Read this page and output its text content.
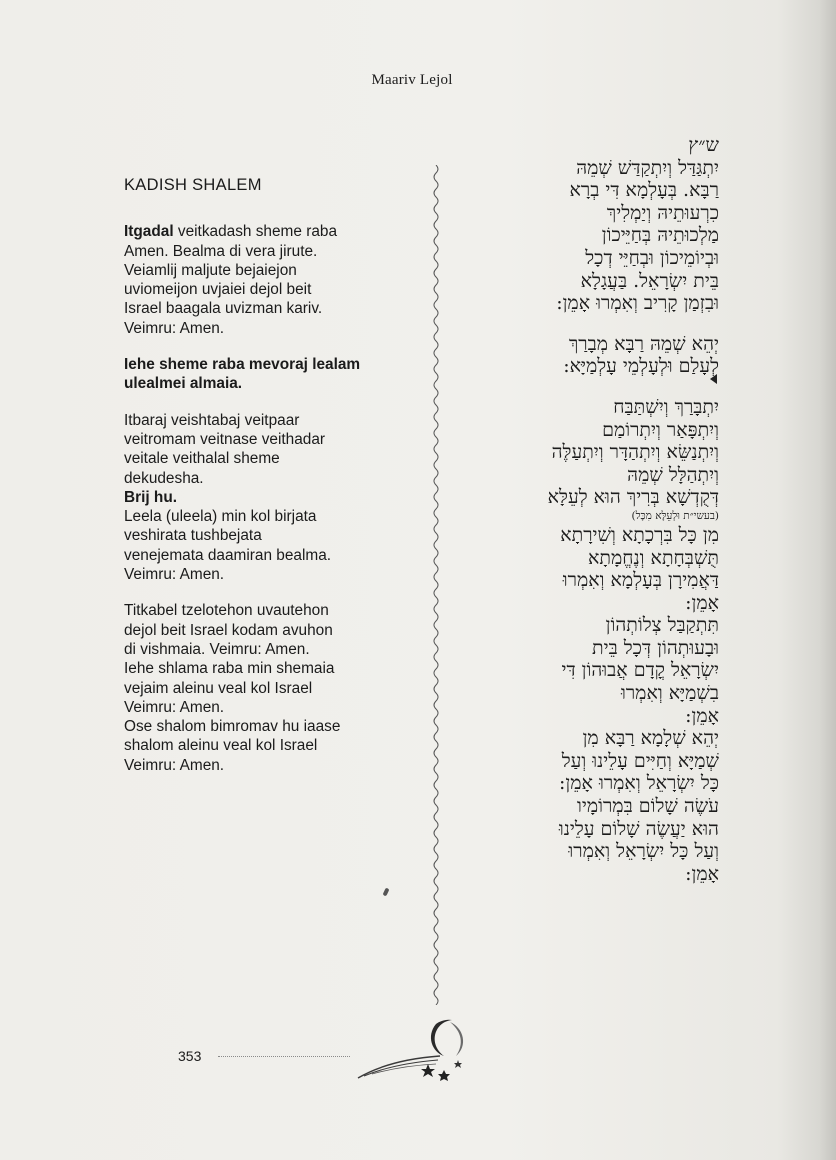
Maariv Lejol
KADISH SHALEM
Itgadal veitkadash sheme raba
Amen. Bealma di vera jirute.
Veiamlij maljute bejaiejon
uviomeijon uvjaiei dejol beit
Israel baagala uvizman kariv.
Veimru: Amen.
Iehe sheme raba mevoraj lealam
ulealmei almaia.
Itbaraj veishtabaj veitpaar
veitromam veitnase veithadar
veitale veithalal sheme
dekudesha.
Brij hu.
Leela (uleela) min kol birjata
veshirata tushbejata
venejemata daamiran bealma.
Veimru: Amen.
Titkabel tzelotehon uvautehon
dejol beit Israel kodam avuhon
di vishmaia. Veimru: Amen.
Iehe shlama raba min shemaia
vejaim aleinu veal kol Israel
Veimru: Amen.
Ose shalom bimromav hu iaase
shalom aleinu veal kol Israel
Veimru: Amen.
ש״ץ
יִתְגַּדַּל וְיִתְקַדַּשׁ שְׁמֵהּ
רַבָּא. בְּעָלְמָא דִּי בְרָא
כִרְעוּתֵיהּ וְיַמְלִיךְ
מַלְכוּתֵיהּ בְּחַיֵּיכוֹן
וּבְיוֹמֵיכוֹן וּבְחַיֵּי דְכָל
בֵּית יִשְׂרָאֵל. בַּעֲגָלָא
וּבִזְמַן קָרִיב וְאִמְרוּ אָמֵן:
יְהֵא שְׁמֵהּ רַבָּא מְבָרַךְ
לְעָלַם וּלְעָלְמֵי עָלְמַיָּא:
יִתְבָּרַךְ וְיִשְׁתַּבַּח
וְיִתְפָּאַר וְיִתְרוֹמַם
וְיִתְנַשֵּׂא וְיִתְהַדָּר וְיִתְעַלֶּה
וְיִתְהַלָּל שְׁמֵהּ
דְּקֻדְשָׁא בְּרִיךְ הוּא לְעֵלָּא
(בעשי״ת וּלְעֵלָּא מִכָּל)
מִן כָּל בִּרְכָתָא וְשִׁירָתָא
תֻּשְׁבְּחָתָא וְנֶחֱמָתָא
דַּאֲמִירָן בְּעָלְמָא וְאִמְרוּ
אָמֵן:
תִּתְקַבַּל צְלוֹתְהוֹן
וּבָעוּתְהוֹן דְּכָל בֵּית
יִשְׂרָאֵל קֳדָם אֲבוּהוֹן דִּי
בִשְׁמַיָּא וְאִמְרוּ
אָמֵן:
יְהֵא שְׁלָמָא רַבָּא מִן
שְׁמַיָּא וְחַיִּים עָלֵינוּ וְעַל
כָּל יִשְׂרָאֵל וְאִמְרוּ אָמֵן:
עֹשֶׂה שָׁלוֹם בִּמְרוֹמָיו
הוּא יַעֲשֶׂה שָׁלוֹם עָלֵינוּ
וְעַל כָּל יִשְׂרָאֵל וְאִמְרוּ
אָמֵן:
353
